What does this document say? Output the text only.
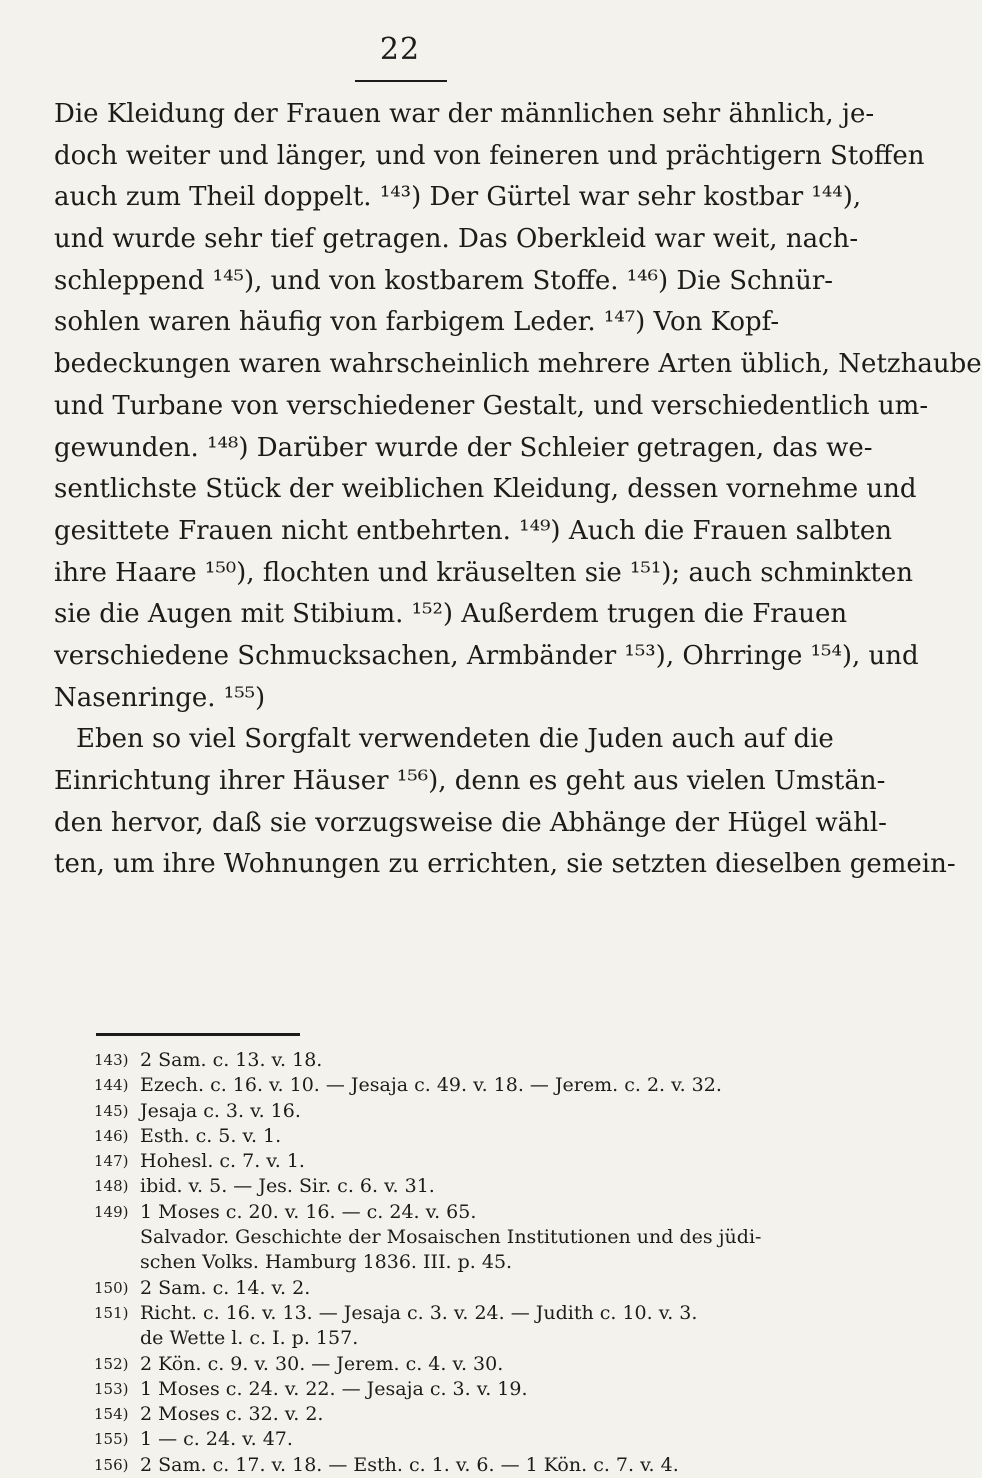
22
Die Kleidung der Frauen war der männlichen sehr ähnlich, je-
doch weiter und länger, und von feineren und prächtigern Stoffen
auch zum Theil doppelt. ¹⁴³) Der Gürtel war sehr kostbar ¹⁴⁴),
und wurde sehr tief getragen. Das Oberkleid war weit, nach-
schleppend ¹⁴⁵), und von kostbarem Stoffe. ¹⁴⁶) Die Schnür-
sohlen waren häufig von farbigem Leder. ¹⁴⁷) Von Kopf-
bedeckungen waren wahrscheinlich mehrere Arten üblich, Netzhaube
und Turbane von verschiedener Gestalt, und verschiedentlich um-
gewunden. ¹⁴⁸) Darüber wurde der Schleier getragen, das we-
sentlichste Stück der weiblichen Kleidung, dessen vornehme und
gesittete Frauen nicht entbehrten. ¹⁴⁹) Auch die Frauen salbten
ihre Haare ¹⁵⁰), flochten und kräuselten sie ¹⁵¹); auch schminkten
sie die Augen mit Stibium. ¹⁵²) Außerdem trugen die Frauen
verschiedene Schmucksachen, Armbänder ¹⁵³), Ohrringe ¹⁵⁴), und
Nasenringe. ¹⁵⁵)
Eben so viel Sorgfalt verwendeten die Juden auch auf die
Einrichtung ihrer Häuser ¹⁵⁶), denn es geht aus vielen Umstän-
den hervor, daß sie vorzugsweise die Abhänge der Hügel wähl-
ten, um ihre Wohnungen zu errichten, sie setzten dieselben gemein-
143) 2 Sam. c. 13. v. 18.
144) Ezech. c. 16. v. 10. — Jesaja c. 49. v. 18. — Jerem. c. 2. v. 32.
145) Jesaja c. 3. v. 16.
146) Esth. c. 5. v. 1.
147) Hohesl. c. 7. v. 1.
148) ibid. v. 5. — Jes. Sir. c. 6. v. 31.
149) 1 Moses c. 20. v. 16. — c. 24. v. 65.
Salvador. Geschichte der Mosaischen Institutionen und des jüdi-
schen Volks. Hamburg 1836. III. p. 45.
150) 2 Sam. c. 14. v. 2.
151) Richt. c. 16. v. 13. — Jesaja c. 3. v. 24. — Judith c. 10. v. 3.
de Wette l. c. I. p. 157.
152) 2 Kön. c. 9. v. 30. — Jerem. c. 4. v. 30.
153) 1 Moses c. 24. v. 22. — Jesaja c. 3. v. 19.
154) 2 Moses c. 32. v. 2.
155) 1 — c. 24. v. 47.
156) 2 Sam. c. 17. v. 18. — Esth. c. 1. v. 6. — 1 Kön. c. 7. v. 4.
